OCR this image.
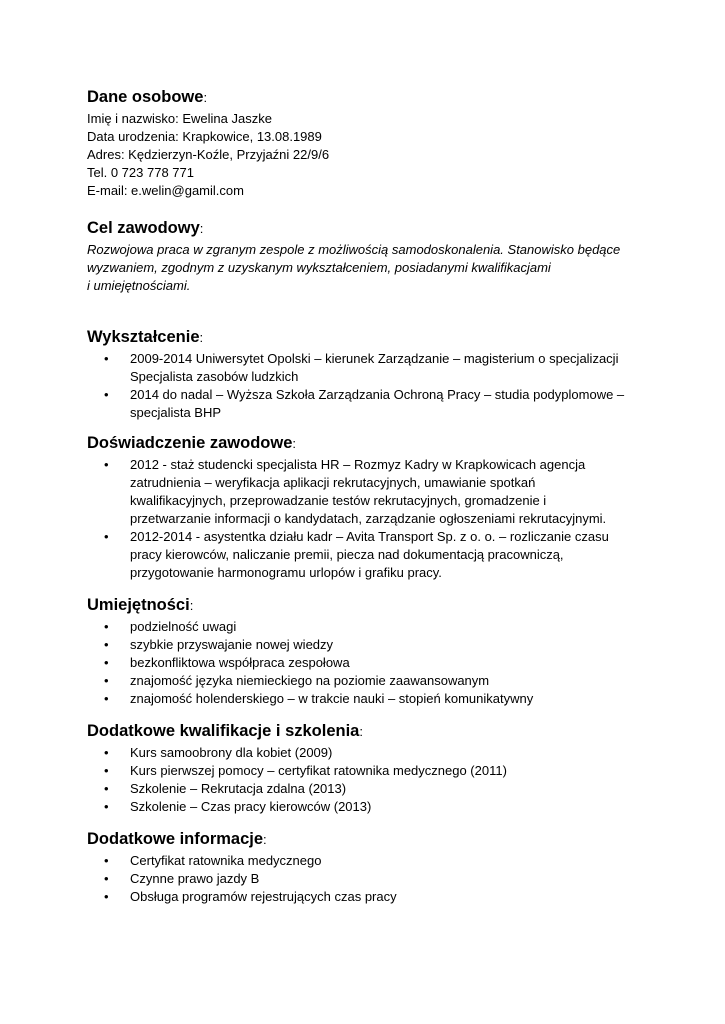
Dane osobowe:
Imię i nazwisko: Ewelina Jaszke
Data urodzenia: Krapkowice, 13.08.1989
Adres: Kędzierzyn-Koźle, Przyjaźni 22/9/6
Tel. 0 723 778 771
E-mail: e.welin@gamil.com
Cel zawodowy:
Rozwojowa praca w zgranym zespole z możliwością samodoskonalenia. Stanowisko będące
wyzwaniem, zgodnym z uzyskanym wykształceniem, posiadanymi kwalifikacjami
i umiejętnościami.
Wykształcenie:
• 2009-2014 Uniwersytet Opolski – kierunek Zarządzanie – magisterium o specjalizacji
Specjalista zasobów ludzkich
• 2014 do nadal – Wyższa Szkoła Zarządzania Ochroną Pracy – studia podyplomowe –
specjalista BHP
Doświadczenie zawodowe:
• 2012 - staż studencki specjalista HR – Rozmyz Kadry w Krapkowicach agencja
zatrudnienia – weryfikacja aplikacji rekrutacyjnych, umawianie spotkań
kwalifikacyjnych, przeprowadzanie testów rekrutacyjnych, gromadzenie i
przetwarzanie informacji o kandydatach, zarządzanie ogłoszeniami rekrutacyjnymi.
• 2012-2014 - asystentka działu kadr – Avita Transport Sp. z o. o. – rozliczanie czasu
pracy kierowców, naliczanie premii, piecza nad dokumentacją pracowniczą,
przygotowanie harmonogramu urlopów i grafiku pracy.
Umiejętności:
• podzielność uwagi
• szybkie przyswajanie nowej wiedzy
• bezkonfliktowa współpraca zespołowa
• znajomość języka niemieckiego na poziomie zaawansowanym
• znajomość holenderskiego – w trakcie nauki – stopień komunikatywny
Dodatkowe kwalifikacje i szkolenia:
• Kurs samoobrony dla kobiet (2009)
• Kurs pierwszej pomocy – certyfikat ratownika medycznego (2011)
• Szkolenie – Rekrutacja zdalna (2013)
• Szkolenie – Czas pracy kierowców (2013)
Dodatkowe informacje:
• Certyfikat ratownika medycznego
• Czynne prawo jazdy B
• Obsługa programów rejestrujących czas pracy
